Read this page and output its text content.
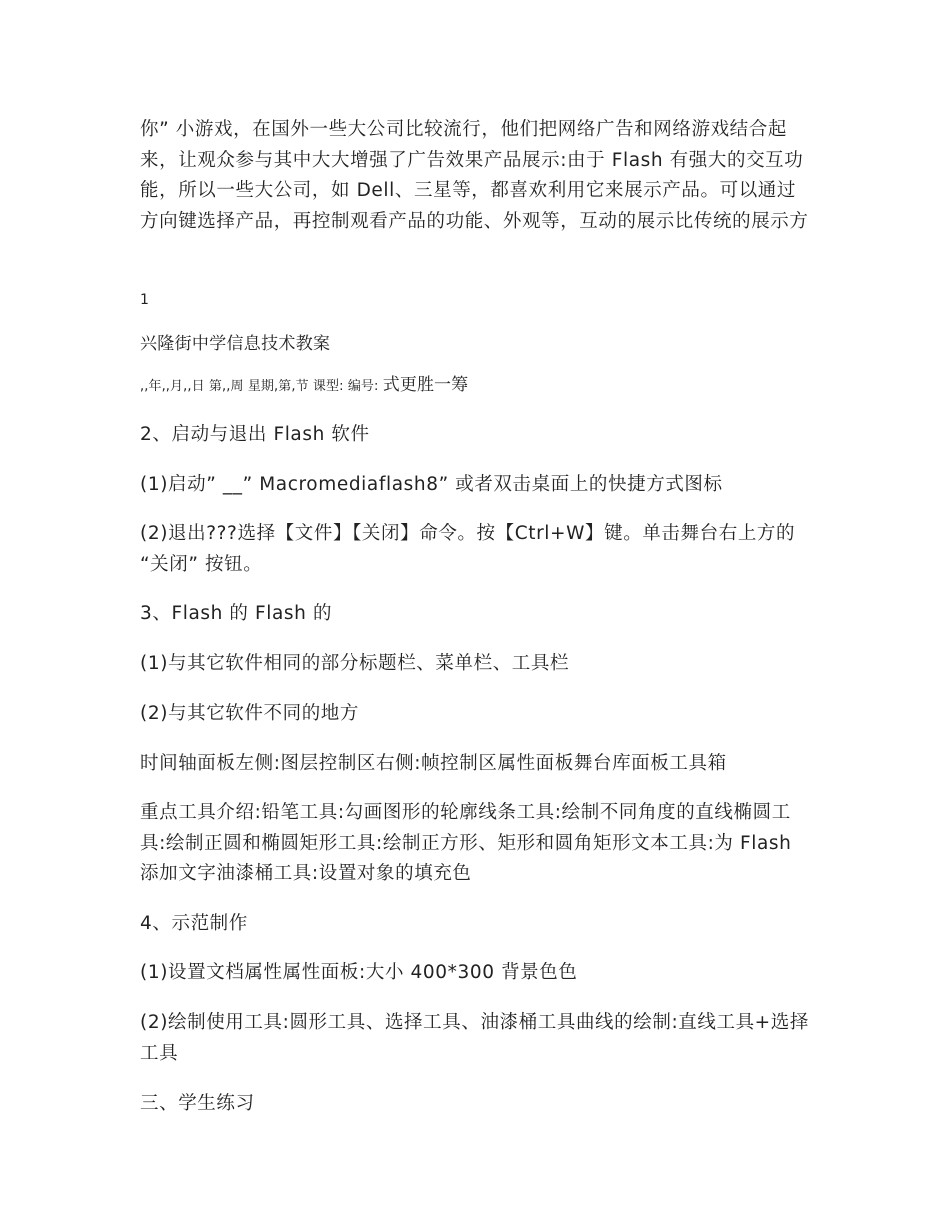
你” 小游戏，在国外一些大公司比较流行，他们把网络广告和网络游戏结合起来，让观众参与其中大大增强了广告效果产品展示:由于 Flash 有强大的交互功能，所以一些大公司，如 Dell、三星等，都喜欢利用它来展示产品。可以通过方向键选择产品，再控制观看产品的功能、外观等，互动的展示比传统的展示方
1
兴隆街中学信息技术教案
,,年,,月,,日 第,,周 星期,第,节 课型: 编号: 式更胜一筹
2、启动与退出 Flash 软件
(1)启动” __” Macromediaflash8” 或者双击桌面上的快捷方式图标
(2)退出???选择【文件】【关闭】命令。按【Ctrl+W】键。单击舞台右上方的 “关闭” 按钮。
3、Flash 的 Flash 的
(1)与其它软件相同的部分标题栏、菜单栏、工具栏
(2)与其它软件不同的地方
时间轴面板左侧:图层控制区右侧:帧控制区属性面板舞台库面板工具箱
重点工具介绍:铅笔工具:勾画图形的轮廓线条工具:绘制不同角度的直线椭圆工具:绘制正圆和椭圆矩形工具:绘制正方形、矩形和圆角矩形文本工具:为 Flash 添加文字油漆桶工具:设置对象的填充色
4、示范制作
(1)设置文档属性属性面板:大小 400*300 背景色色
(2)绘制使用工具:圆形工具、选择工具、油漆桶工具曲线的绘制:直线工具+选择工具
三、学生练习
